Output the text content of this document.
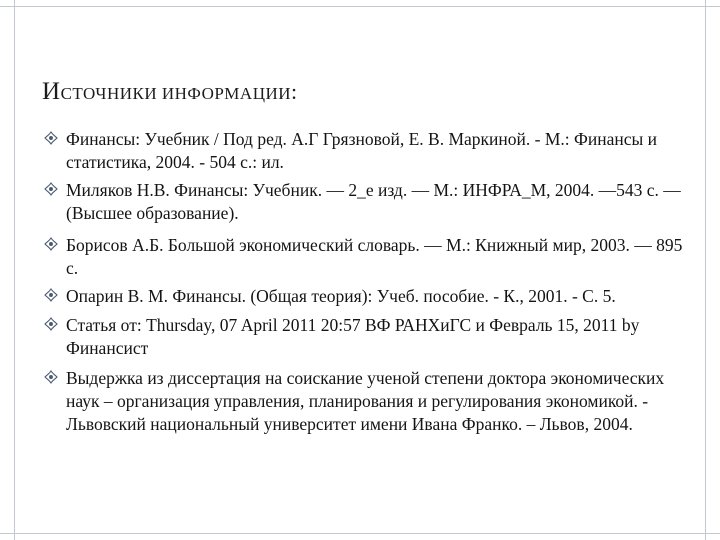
ИСТОЧНИКИ ИНФОРМАЦИИ:
Финансы: Учебник / Под ред. А.Г Грязновой, Е. В. Маркиной. - М.: Финансы и статистика, 2004. - 504 с.: ил.
Миляков Н.В. Финансы: Учебник. — 2_е изд. — М.: ИНФРА_М, 2004. —543 с. — (Высшее образование).
Борисов А.Б. Большой экономический словарь. — М.: Книжный мир, 2003. — 895 с.
Опарин В. М. Финансы. (Общая теория): Учеб. пособие. - К., 2001. - С. 5.
Статья от: Thursday, 07 April 2011 20:57 ВФ РАНХиГС и Февраль 15, 2011 by Финансист
Выдержка из диссертация на соискание ученой степени доктора экономических наук – организация управления, планирования и регулирования экономикой. - Львовский национальный университет имени Ивана Франко. – Львов, 2004.
